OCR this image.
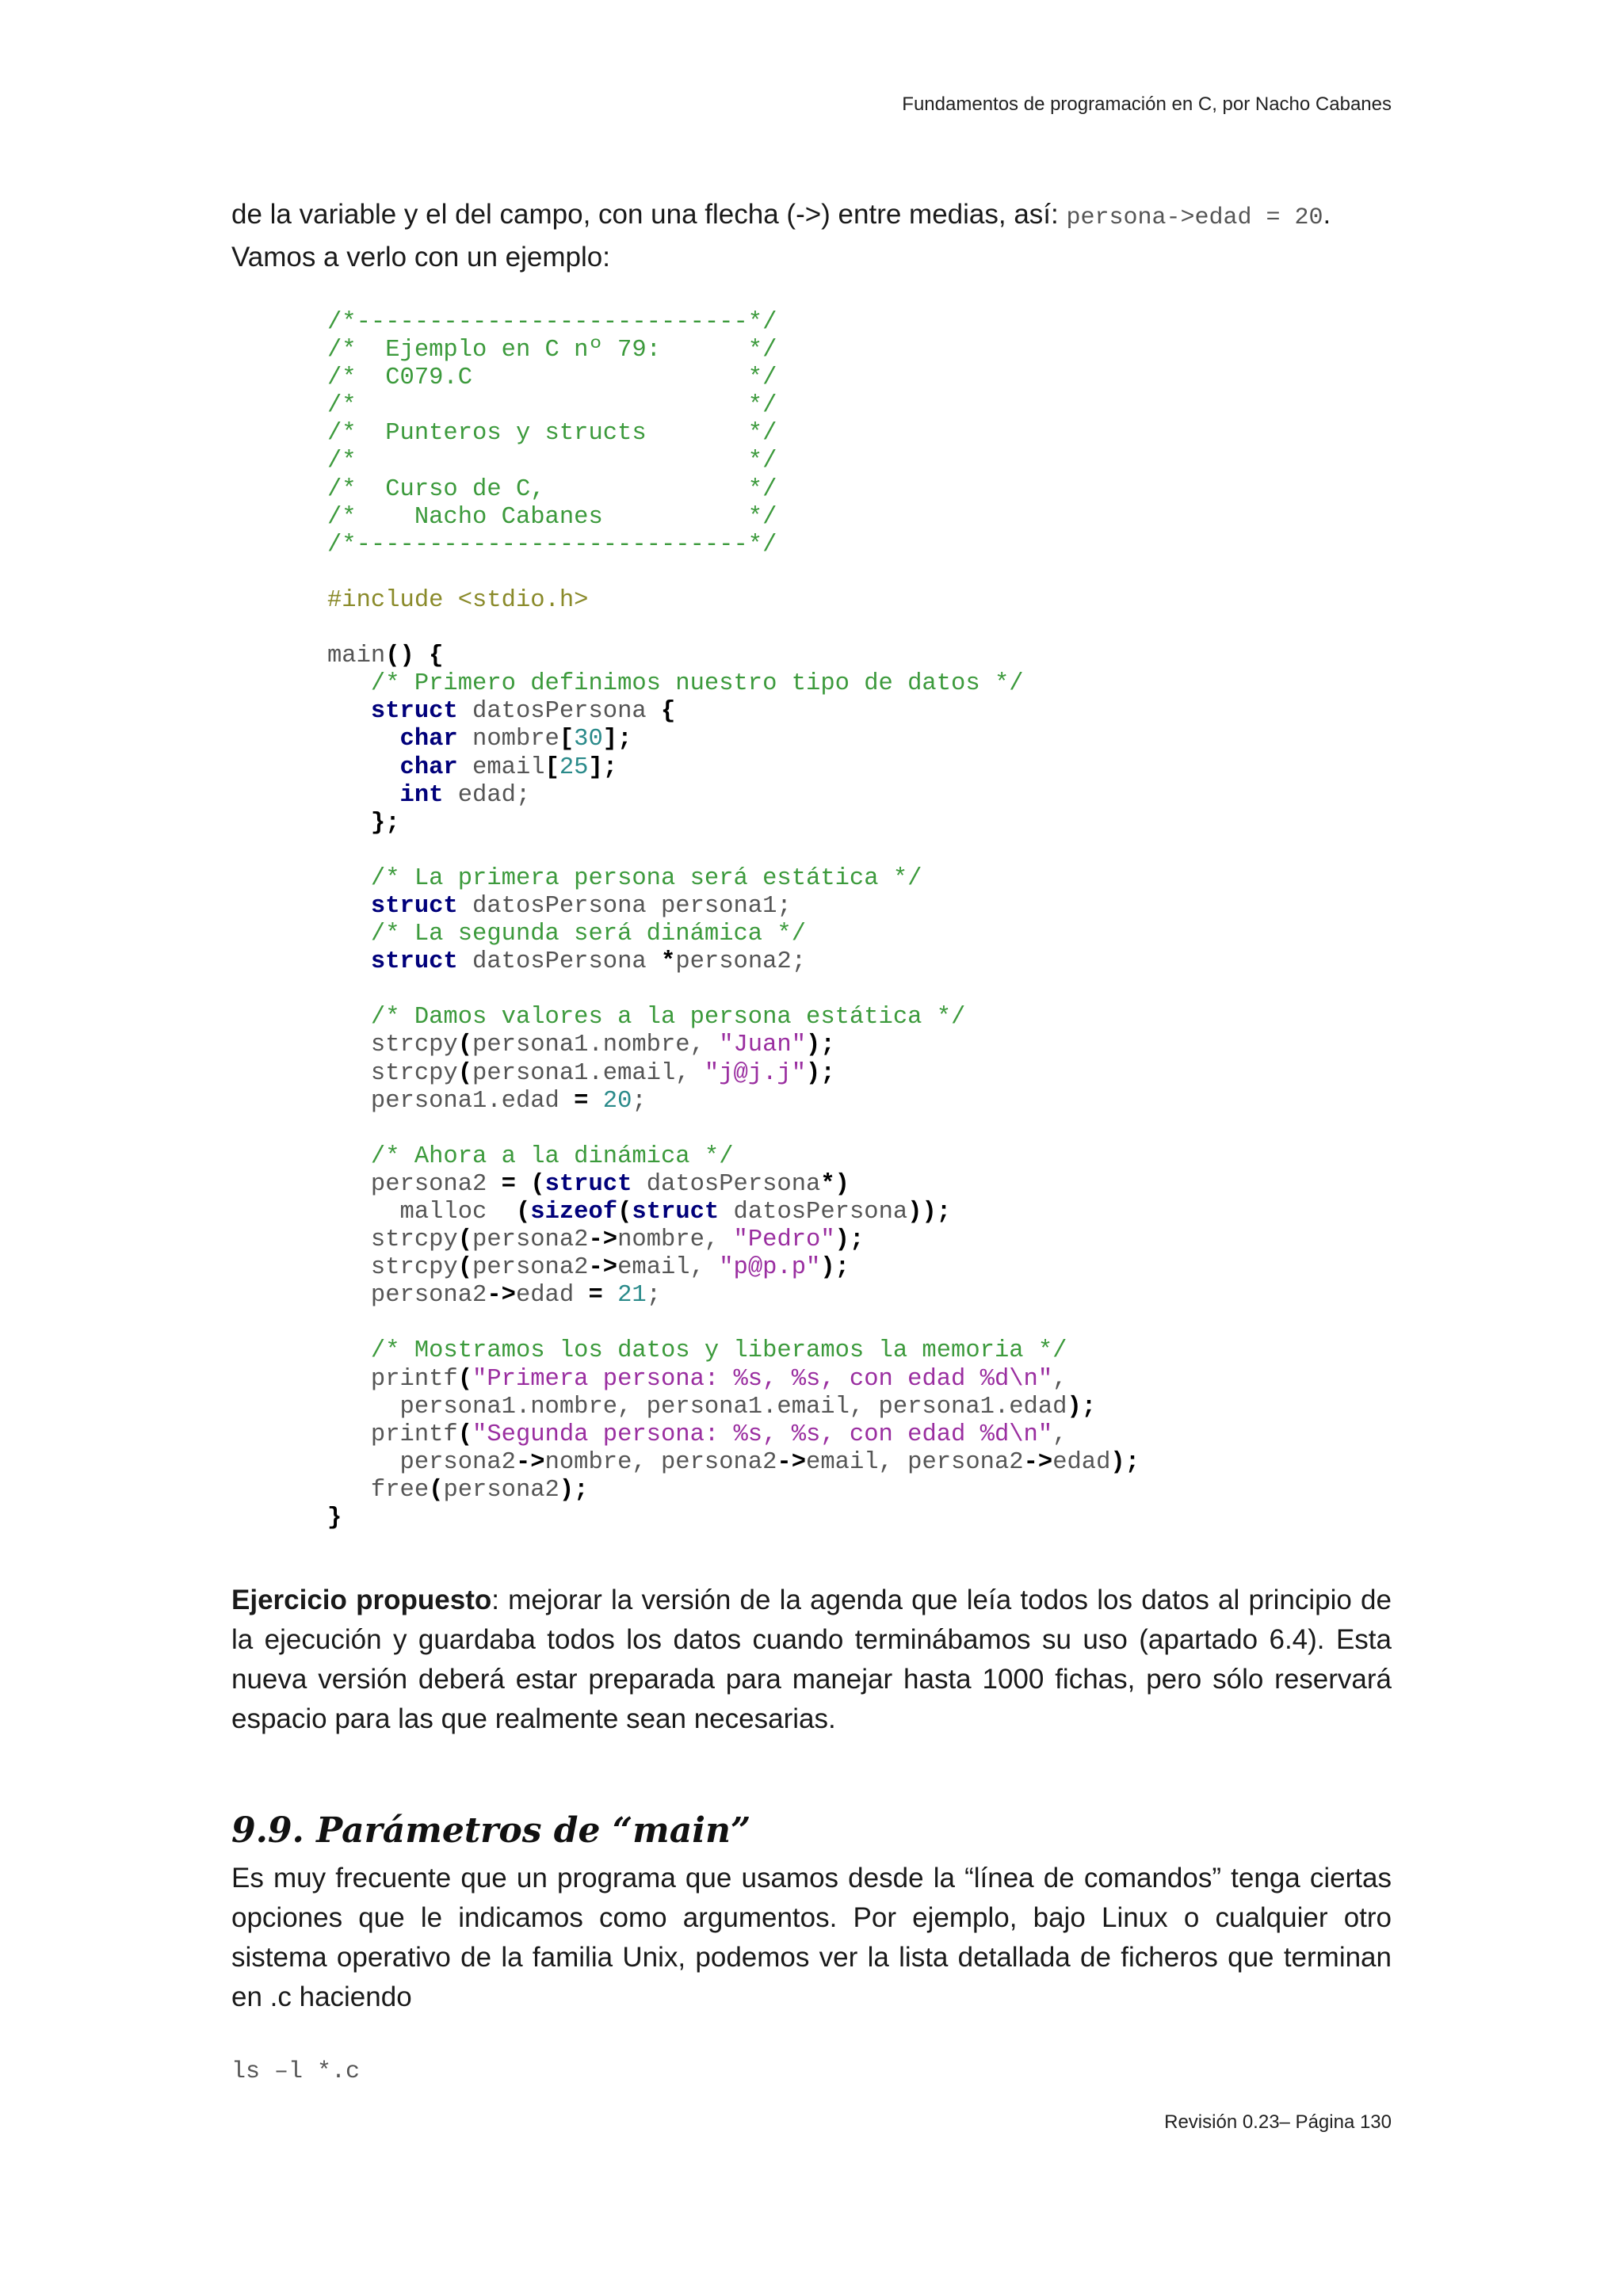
Fundamentos de programación en C, por Nacho Cabanes
de la variable y el del campo, con una flecha (->) entre medias, así: persona->edad = 20.
Vamos a verlo con un ejemplo:
/*---------------------------*/
/*  Ejemplo en C nº 79:      */
/*  C079.C                   */
/*                           */
/*  Punteros y structs       */
/*                           */
/*  Curso de C,              */
/*    Nacho Cabanes          */
/*---------------------------*/

#include <stdio.h>

main() {
/* Primero definimos nuestro tipo de datos */
struct datosPersona {
char nombre[30];
char email[25];
int edad;
};

/* La primera persona será estática */
struct datosPersona persona1;
/* La segunda será dinámica */
struct datosPersona *persona2;

/* Damos valores a la persona estática */
strcpy(persona1.nombre, "Juan");
strcpy(persona1.email, "j@j.j");
persona1.edad = 20;

/* Ahora a la dinámica */
persona2 = (struct datosPersona*)
malloc  (sizeof(struct datosPersona));
strcpy(persona2->nombre, "Pedro");
strcpy(persona2->email, "p@p.p");
persona2->edad = 21;

/* Mostramos los datos y liberamos la memoria */
printf("Primera persona: %s, %s, con edad %d\n",
persona1.nombre, persona1.email, persona1.edad);
printf("Segunda persona: %s, %s, con edad %d\n",
persona2->nombre, persona2->email, persona2->edad);
free(persona2);
}
Ejercicio propuesto: mejorar la versión de la agenda que leía todos los datos al principio de la ejecución y guardaba todos los datos cuando terminábamos su uso (apartado 6.4). Esta nueva versión deberá estar preparada para manejar hasta 1000 fichas, pero sólo reservará espacio para las que realmente sean necesarias.
9.9. Parámetros de “main”
Es muy frecuente que un programa que usamos desde la “línea de comandos” tenga ciertas opciones que le indicamos como argumentos. Por ejemplo, bajo Linux o cualquier otro sistema operativo de la familia Unix, podemos ver la lista detallada de ficheros que terminan en .c haciendo
ls –l *.c
Revisión 0.23– Página 130
